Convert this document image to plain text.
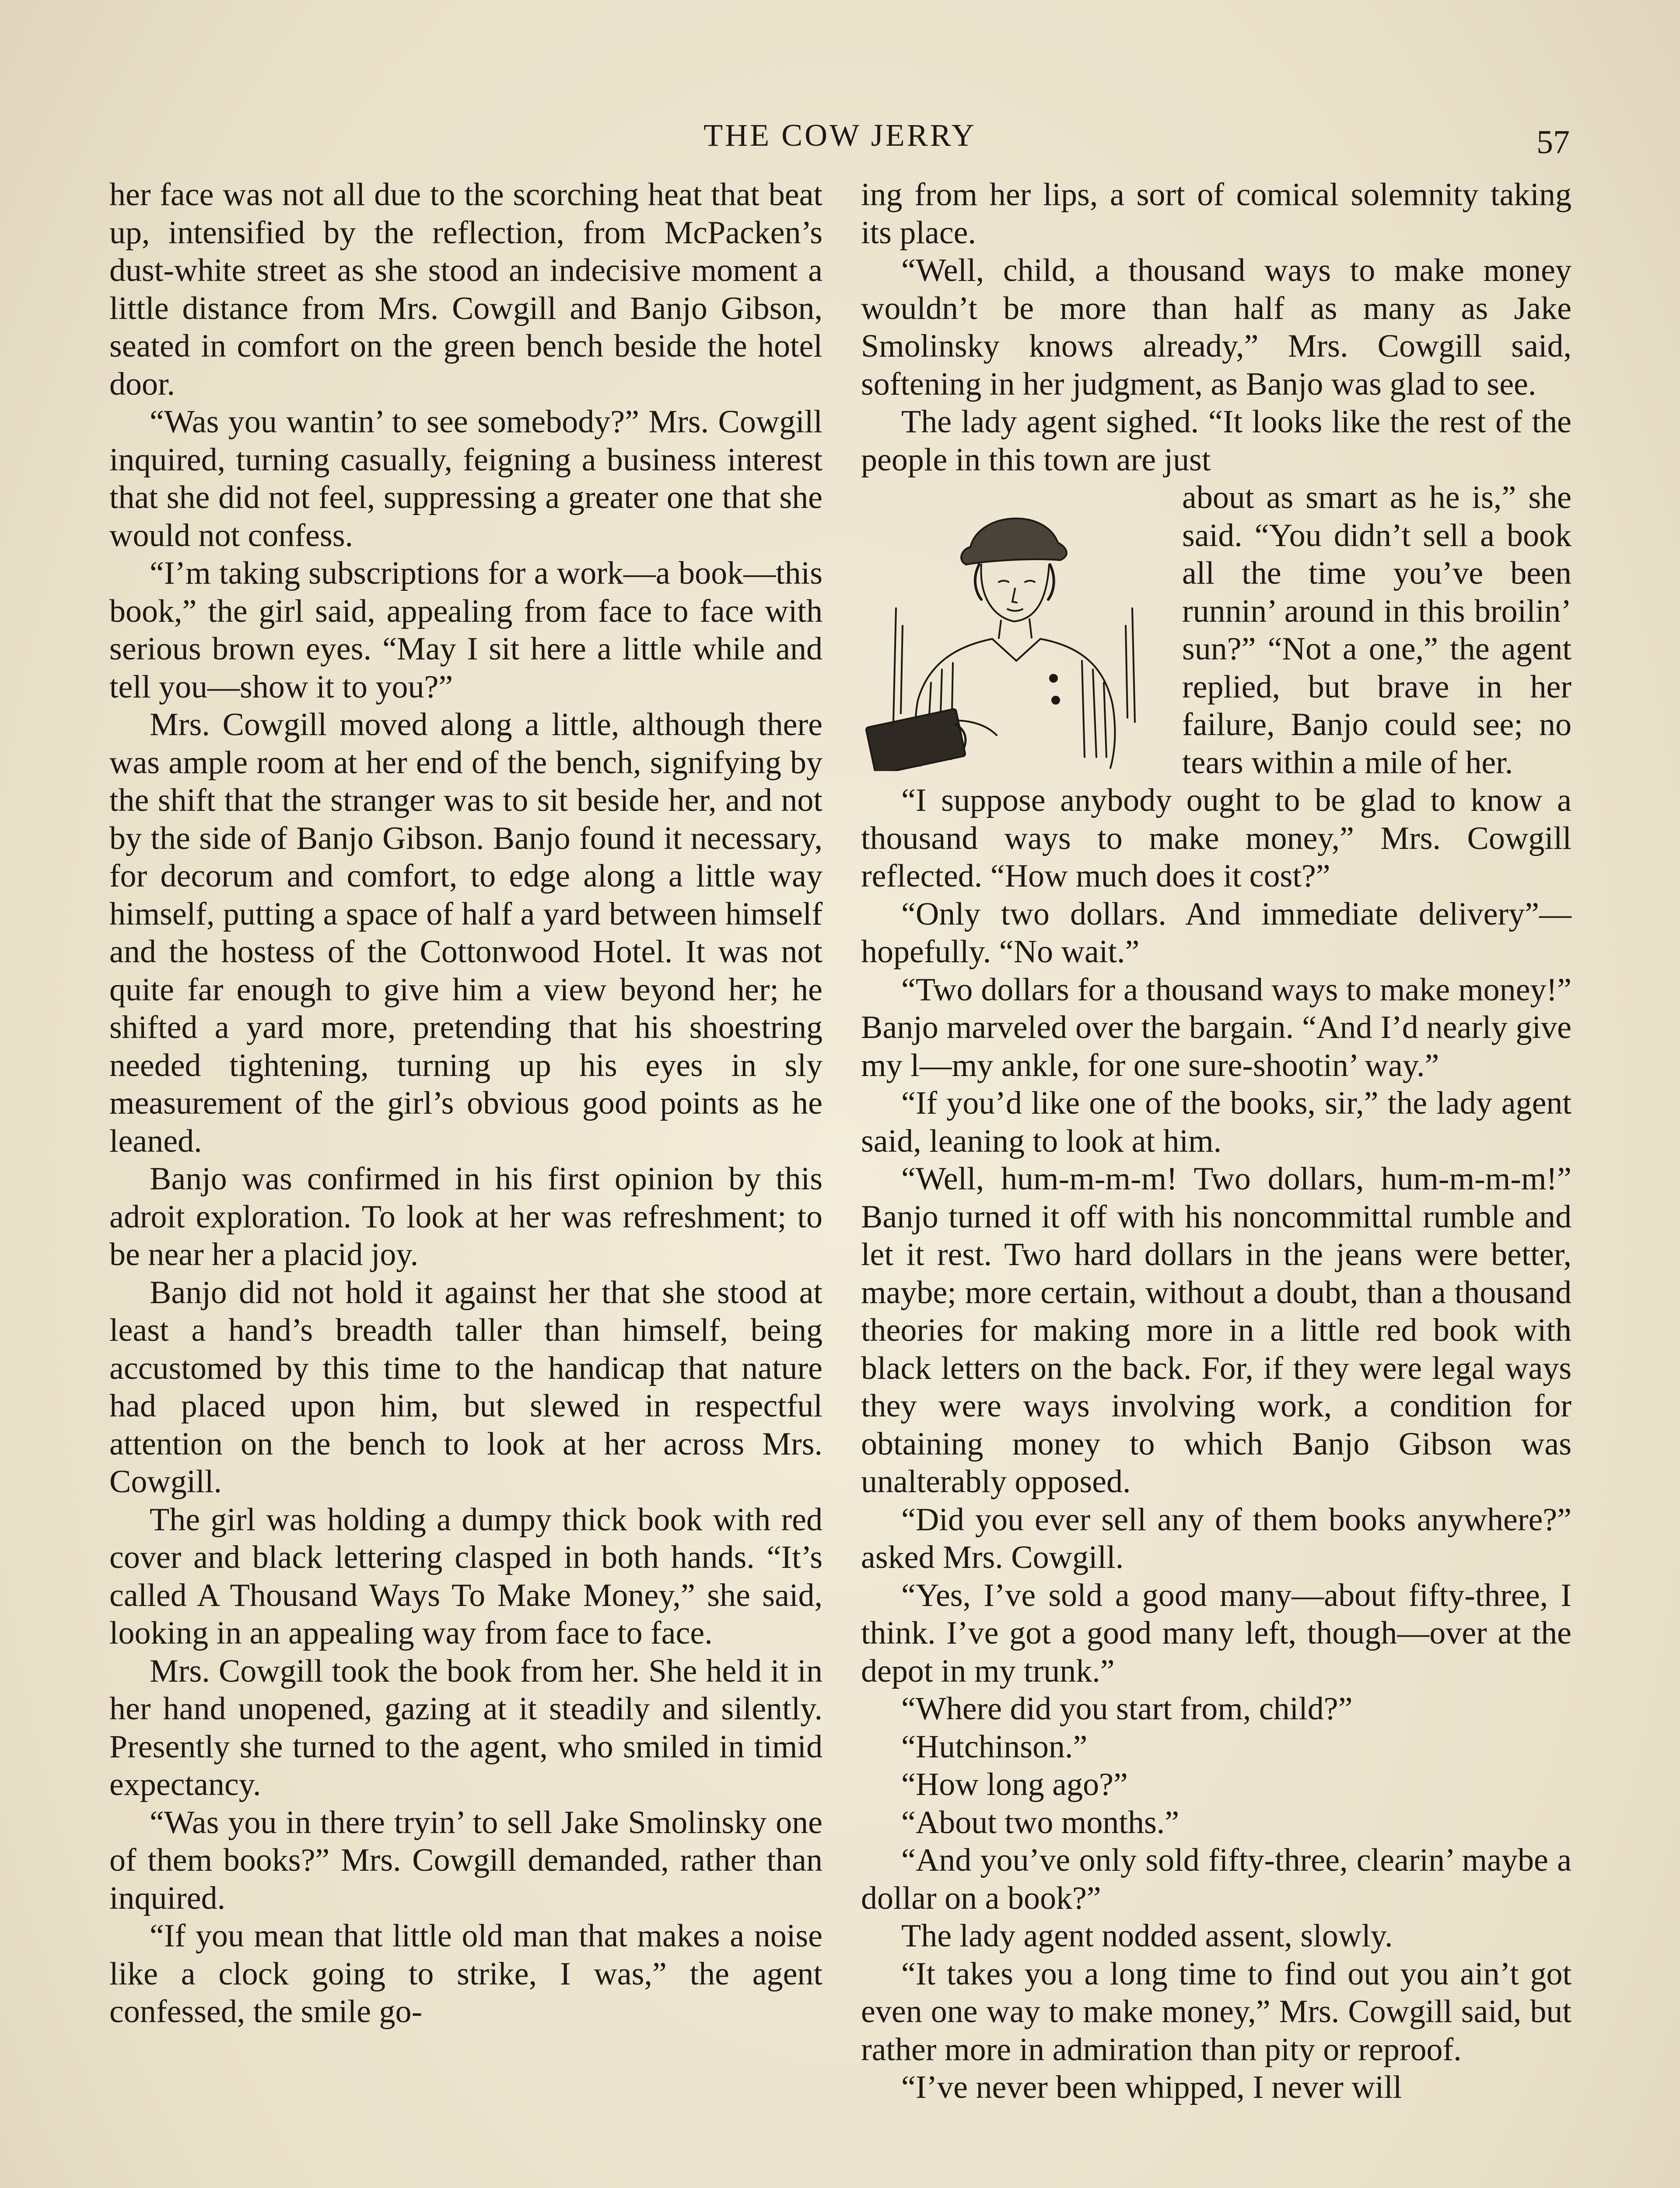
THE COW JERRY	57

her face was not all due to the scorching heat that beat up, intensified by the reflection, from McPacken’s dust-white street as she stood an indecisive moment a little distance from Mrs. Cowgill and Banjo Gibson, seated in comfort on the green bench beside the hotel door.

“Was you wantin’ to see somebody?” Mrs. Cowgill inquired, turning casually, feigning a business interest that she did not feel, suppressing a greater one that she would not confess.

“I’m taking subscriptions for a work—a book—this book,” the girl said, appealing from face to face with serious brown eyes. “May I sit here a little while and tell you—show it to you?”

Mrs. Cowgill moved along a little, although there was ample room at her end of the bench, signifying by the shift that the stranger was to sit beside her, and not by the side of Banjo Gibson. Banjo found it necessary, for decorum and comfort, to edge along a little way himself, putting a space of half a yard between himself and the hostess of the Cottonwood Hotel. It was not quite far enough to give him a view beyond her; he shifted a yard more, pretending that his shoestring needed tightening, turning up his eyes in sly measurement of the girl’s obvious good points as he leaned.

Banjo was confirmed in his first opinion by this adroit exploration. To look at her was refreshment; to be near her a placid joy.

Banjo did not hold it against her that she stood at least a hand’s breadth taller than himself, being accustomed by this time to the handicap that nature had placed upon him, but slewed in respectful attention on the bench to look at her across Mrs. Cowgill.

The girl was holding a dumpy thick book with red cover and black lettering clasped in both hands. “It’s called A Thousand Ways To Make Money,” she said, looking in an appealing way from face to face.

Mrs. Cowgill took the book from her. She held it in her hand unopened, gazing at it steadily and silently. Presently she turned to the agent, who smiled in timid expectancy.

“Was you in there tryin’ to sell Jake Smolinsky one of them books?” Mrs. Cowgill demanded, rather than inquired.

“If you mean that little old man that makes a noise like a clock going to strike, I was,” the agent confessed, the smile go-

ing from her lips, a sort of comical solemnity taking its place.

“Well, child, a thousand ways to make money wouldn’t be more than half as many as Jake Smolinsky knows already,” Mrs. Cowgill said, softening in her judgment, as Banjo was glad to see.

The lady agent sighed. “It looks like the rest of the people in this town are just

about as smart as he is,” she said. “You didn’t sell a book all the time you’ve been runnin’ around in this broilin’ sun?” “Not a one,” the agent replied, but brave in her failure, Banjo could see; no tears within a mile of her.

“I suppose anybody ought to be glad to know a thousand ways to make money,” Mrs. Cowgill reflected. “How much does it cost?”

“Only two dollars. And immediate delivery”—hopefully. “No wait.”

“Two dollars for a thousand ways to make money!” Banjo marveled over the bargain. “And I’d nearly give my l—my ankle, for one sure-shootin’ way.”

“If you’d like one of the books, sir,” the lady agent said, leaning to look at him.

“Well, hum-m-m-m! Two dollars, hum-m-m-m!” Banjo turned it off with his noncommittal rumble and let it rest. Two hard dollars in the jeans were better, maybe; more certain, without a doubt, than a thousand theories for making more in a little red book with black letters on the back. For, if they were legal ways they were ways involving work, a condition for obtaining money to which Banjo Gibson was unalterably opposed.

“Did you ever sell any of them books anywhere?” asked Mrs. Cowgill.

“Yes, I’ve sold a good many—about fifty-three, I think. I’ve got a good many left, though—over at the depot in my trunk.”

“Where did you start from, child?”

“Hutchinson.”

“How long ago?”

“About two months.”

“And you’ve only sold fifty-three, clearin’ maybe a dollar on a book?”

The lady agent nodded assent, slowly.

“It takes you a long time to find out you ain’t got even one way to make money,” Mrs. Cowgill said, but rather more in admiration than pity or reproof.

“I’ve never been whipped, I never will
